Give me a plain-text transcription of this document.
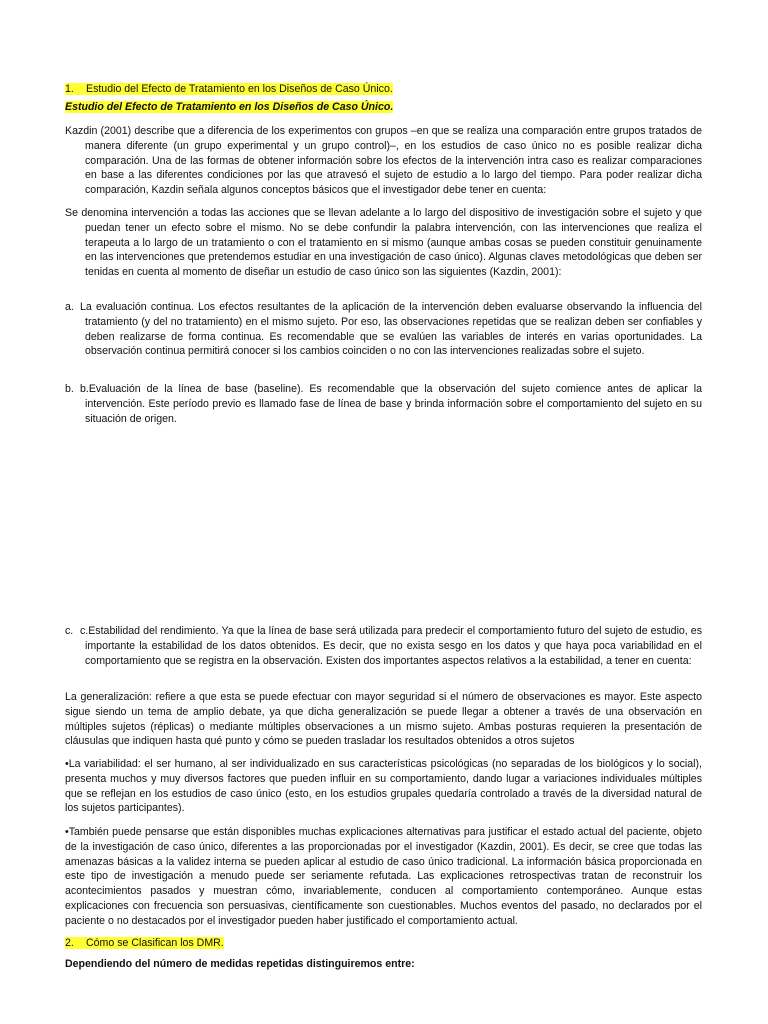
1. Estudio del Efecto de Tratamiento en los Diseños de Caso Único.

Estudio del Efecto de Tratamiento en los Diseños de Caso Único.

Kazdin (2001) describe que a diferencia de los experimentos con grupos –en que se realiza una comparación entre grupos tratados de manera diferente (un grupo experimental y un grupo control)–, en los estudios de caso único no es posible realizar dicha comparación. Una de las formas de obtener información sobre los efectos de la intervención intra caso es realizar comparaciones en base a las diferentes condiciones por las que atravesó el sujeto de estudio a lo largo del tiempo. Para poder realizar dicha comparación, Kazdin señala algunos conceptos básicos que el investigador debe tener en cuenta:

Se denomina intervención a todas las acciones que se llevan adelante a lo largo del dispositivo de investigación sobre el sujeto y que puedan tener un efecto sobre el mismo. No se debe confundir la palabra intervención, con las intervenciones que realiza el terapeuta a lo largo de un tratamiento o con el tratamiento en si mismo (aunque ambas cosas se pueden constituir genuinamente en las intervenciones que pretendemos estudiar en una investigación de caso único). Algunas claves metodológicas que deben ser tenidas en cuenta al momento de diseñar un estudio de caso único son las siguientes (Kazdin, 2001):

a. La evaluación continua. Los efectos resultantes de la aplicación de la intervención deben evaluarse observando la influencia del tratamiento (y del no tratamiento) en el mismo sujeto. Por eso, las observaciones repetidas que se realizan deben ser confiables y deben realizarse de forma continua. Es recomendable que se evalúen las variables de interés en varias oportunidades. La observación continua permitirá conocer si los cambios coinciden o no con las intervenciones realizadas sobre el sujeto.

b. b.Evaluación de la línea de base (baseline). Es recomendable que la observación del sujeto comience antes de aplicar la intervención. Este período previo es llamado fase de línea de base y brinda información sobre el comportamiento del sujeto en su situación de origen.

c. c.Estabilidad del rendimiento. Ya que la línea de base será utilizada para predecir el comportamiento futuro del sujeto de estudio, es importante la estabilidad de los datos obtenidos. Es decir, que no exista sesgo en los datos y que haya poca variabilidad en el comportamiento que se registra en la observación. Existen dos importantes aspectos relativos a la estabilidad, a tener en cuenta:

La generalización: refiere a que esta se puede efectuar con mayor seguridad si el número de observaciones es mayor. Este aspecto sigue siendo un tema de amplio debate, ya que dicha generalización se puede llegar a obtener a través de una observación en múltiples sujetos (réplicas) o mediante múltiples observaciones a un mismo sujeto. Ambas posturas requieren la presentación de cláusulas que indiquen hasta qué punto y cómo se pueden trasladar los resultados obtenidos a otros sujetos

•La variabilidad: el ser humano, al ser individualizado en sus características psicológicas (no separadas de los biológicos y lo social), presenta muchos y muy diversos factores que pueden influir en su comportamiento, dando lugar a variaciones individuales múltiples que se reflejan en los estudios de caso único (esto, en los estudios grupales quedaría controlado a través de la diversidad natural de los sujetos participantes).

•También puede pensarse que están disponibles muchas explicaciones alternativas para justificar el estado actual del paciente, objeto de la investigación de caso único, diferentes a las proporcionadas por el investigador (Kazdin, 2001). Es decir, se cree que todas las amenazas básicas a la validez interna se pueden aplicar al estudio de caso único tradicional. La información básica proporcionada en este tipo de investigación a menudo puede ser seriamente refutada. Las explicaciones retrospectivas tratan de reconstruir los acontecimientos pasados y muestran cómo, invariablemente, conducen al comportamiento contemporáneo. Aunque estas explicaciones con frecuencia son persuasivas, científicamente son cuestionables. Muchos eventos del pasado, no declarados por el paciente o no destacados por el investigador pueden haber justificado el comportamiento actual.

2. Cómo se Clasifican los DMR.

Dependiendo del número de medidas repetidas distinguiremos entre:
